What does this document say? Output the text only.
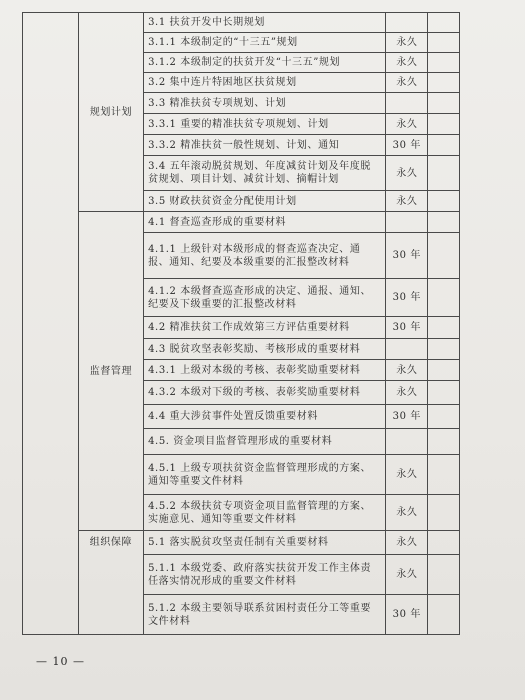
	规划计划	3.1 扶贫开发中长期规划		
		3.1.1 本级制定的“十三五”规划	永久	
		3.1.2 本级制定的扶贫开发“十三五”规划	永久	
		3.2 集中连片特困地区扶贫规划	永久	
		3.3 精准扶贫专项规划、计划		
		3.3.1 重要的精准扶贫专项规划、计划	永久	
		3.3.2 精准扶贫一般性规划、计划、通知	30 年	
		3.4 五年滚动脱贫规划、年度减贫计划及年度脱贫规划、项目计划、减贫计划、摘帽计划	永久	
		3.5 财政扶贫资金分配使用计划	永久	
	监督管理	4.1 督查巡查形成的重要材料		
		4.1.1 上级针对本级形成的督查巡查决定、通报、通知、纪要及本级重要的汇报整改材料	30 年	
		4.1.2 本级督查巡查形成的决定、通报、通知、纪要及下级重要的汇报整改材料	30 年	
		4.2 精准扶贫工作成效第三方评估重要材料	30 年	
		4.3 脱贫攻坚表彰奖励、考核形成的重要材料		
		4.3.1 上级对本级的考核、表彰奖励重要材料	永久	
		4.3.2 本级对下级的考核、表彰奖励重要材料	永久	
		4.4 重大涉贫事件处置反馈重要材料	30 年	
		4.5. 资金项目监督管理形成的重要材料		
		4.5.1 上级专项扶贫资金监督管理形成的方案、通知等重要文件材料	永久	
		4.5.2 本级扶贫专项资金项目监督管理的方案、实施意见、通知等重要文件材料	永久	
	组织保障	5.1 落实脱贫攻坚责任制有关重要材料	永久	
		5.1.1 本级党委、政府落实扶贫开发工作主体责任落实情况形成的重要文件材料	永久	
		5.1.2 本级主要领导联系贫困村责任分工等重要文件材料	30 年	
— 10 —
